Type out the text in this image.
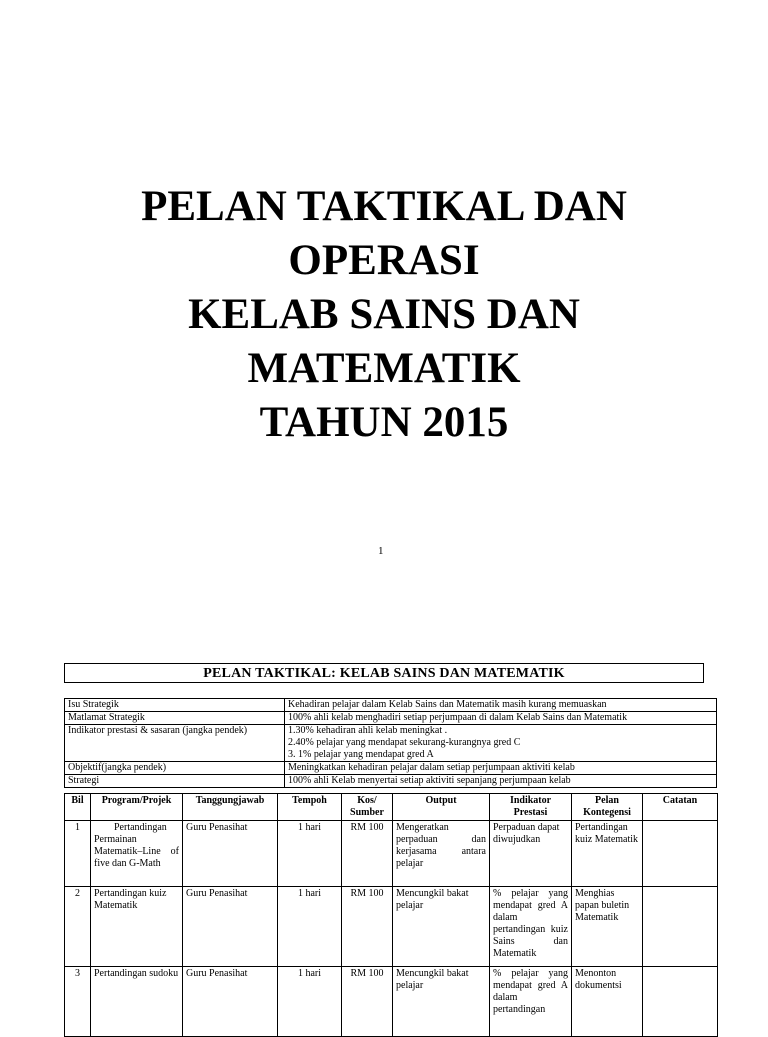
PELAN TAKTIKAL DAN
OPERASI
KELAB SAINS DAN
MATEMATIK
TAHUN 2015
1
PELAN TAKTIKAL: KELAB SAINS DAN MATEMATIK
Isu Strategik	Kehadiran pelajar dalam Kelab Sains dan Matematik masih kurang memuaskan
Matlamat Strategik	100% ahli kelab menghadiri setiap perjumpaan di dalam Kelab Sains dan Matematik
Indikator prestasi & sasaran (jangka pendek)	1.30% kehadiran ahli kelab meningkat .
2.40% pelajar yang mendapat sekurang-kurangnya gred C
3. 1% pelajar yang mendapat gred A

Objektif(jangka pendek)	Meningkatkan kehadiran pelajar dalam setiap perjumpaan aktiviti kelab
Strategi	100% ahli Kelab menyertai setiap aktiviti sepanjang perjumpaan kelab
Bil	Program/Projek	Tanggungjawab	Tempoh	Kos/ Sumber	Output	Indikator Prestasi	Pelan Kontegensi	Catatan
1	Pertandingan Permainan Matematik–Line of five dan G-Math	Guru Penasihat	1 hari	RM 100	Mengeratkan perpaduan dan kerjasama antara pelajar	Perpaduan dapat diwujudkan	Pertandingan kuiz Matematik	
2	Pertandingan kuiz Matematik	Guru Penasihat	1 hari	RM 100	Mencungkil bakat pelajar	% pelajar yang mendapat gred A dalam pertandingan kuiz Sains dan Matematik	Menghias papan buletin Matematik	
3	Pertandingan sudoku	Guru Penasihat	1 hari	RM 100	Mencungkil bakat pelajar	% pelajar yang mendapat gred A dalam pertandingan	Menonton dokumentsi	
